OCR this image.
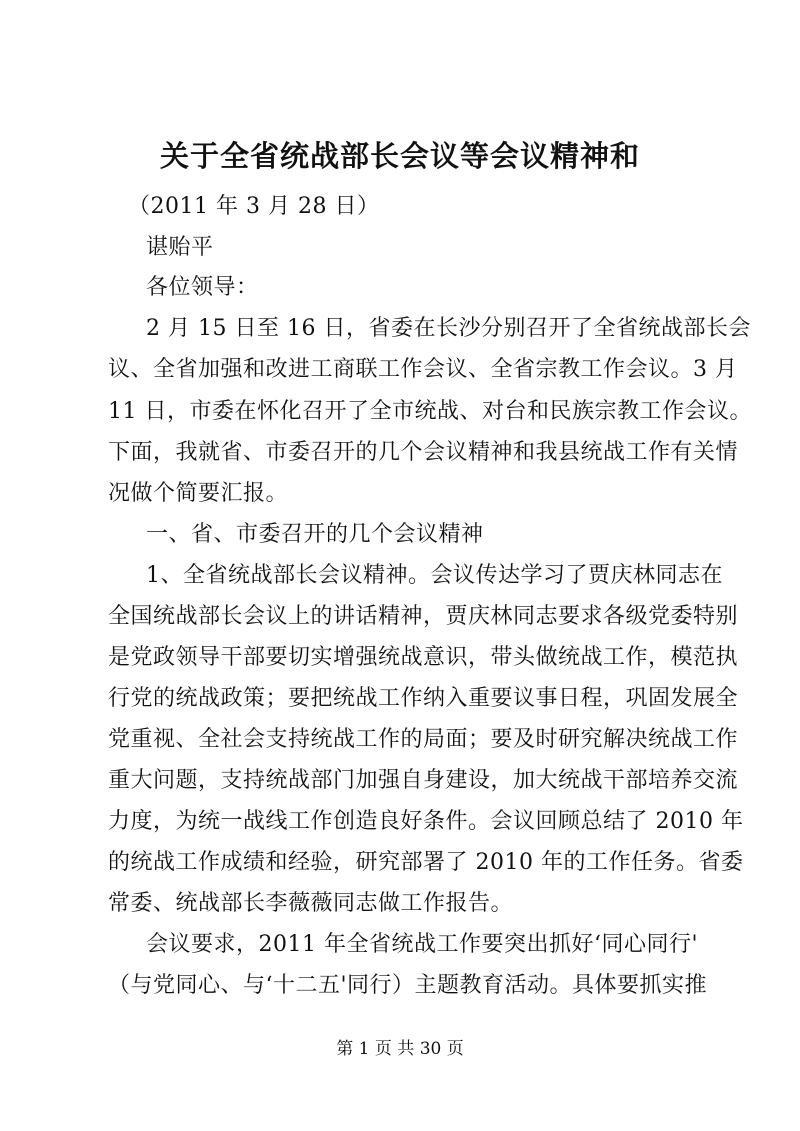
关于全省统战部长会议等会议精神和
（2011 年 3 月 28 日）
谌贻平
各位领导：
2 月 15 日至 16 日，省委在长沙分别召开了全省统战部长会
议、全省加强和改进工商联工作会议、全省宗教工作会议。3 月
11 日，市委在怀化召开了全市统战、对台和民族宗教工作会议。
下面，我就省、市委召开的几个会议精神和我县统战工作有关情
况做个简要汇报。
一、省、市委召开的几个会议精神
1、全省统战部长会议精神。会议传达学习了贾庆林同志在
全国统战部长会议上的讲话精神，贾庆林同志要求各级党委特别
是党政领导干部要切实增强统战意识，带头做统战工作，模范执
行党的统战政策；要把统战工作纳入重要议事日程，巩固发展全
党重视、全社会支持统战工作的局面；要及时研究解决统战工作
重大问题，支持统战部门加强自身建设，加大统战干部培养交流
力度，为统一战线工作创造良好条件。会议回顾总结了 2010 年
的统战工作成绩和经验，研究部署了 2010 年的工作任务。省委
常委、统战部长李薇薇同志做工作报告。
会议要求，2011 年全省统战工作要突出抓好‘同心同行'
（与党同心、与‘十二五'同行）主题教育活动。具体要抓实推
第 1 页 共 30 页
